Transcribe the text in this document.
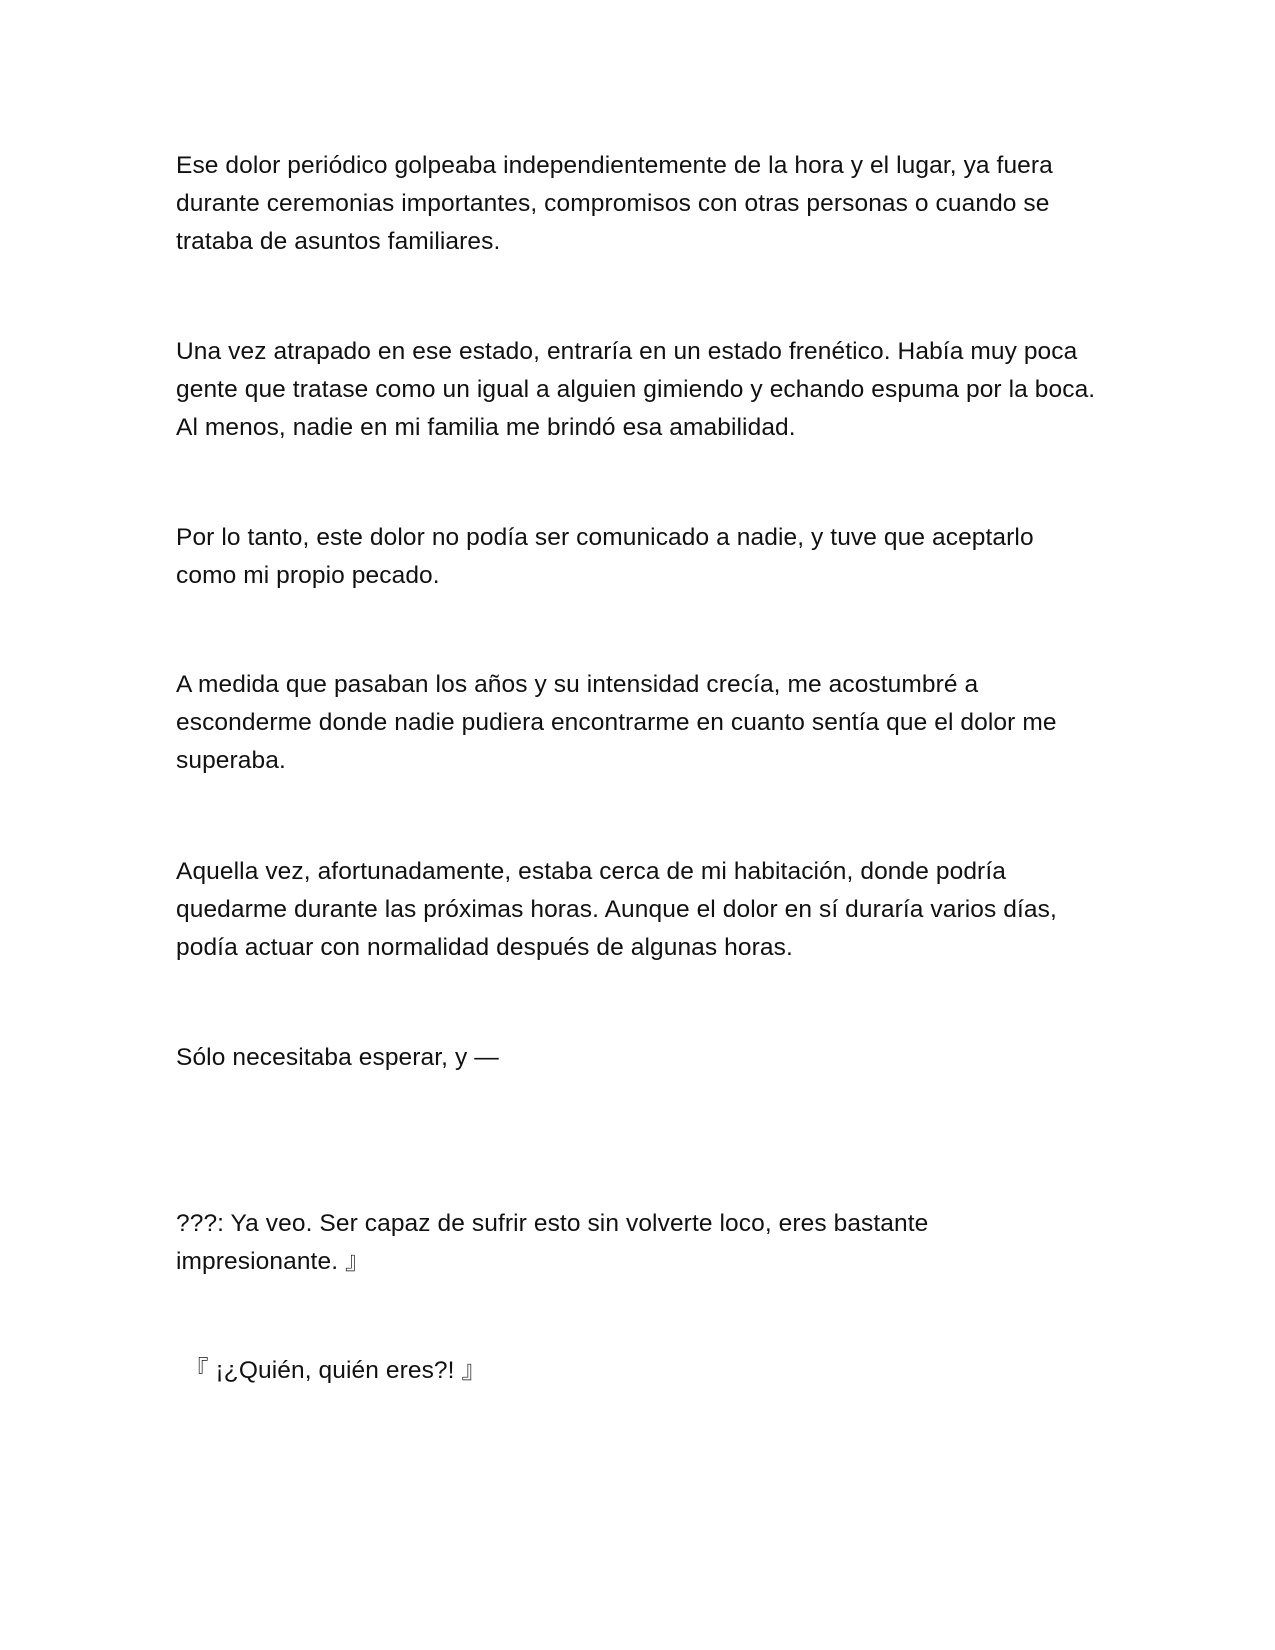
Ese dolor periódico golpeaba independientemente de la hora y el lugar, ya fuera durante ceremonias importantes, compromisos con otras personas o cuando se trataba de asuntos familiares.

Una vez atrapado en ese estado, entraría en un estado frenético. Había muy poca gente que tratase como un igual a alguien gimiendo y echando espuma por la boca. Al menos, nadie en mi familia me brindó esa amabilidad.

Por lo tanto, este dolor no podía ser comunicado a nadie, y tuve que aceptarlo como mi propio pecado.

A medida que pasaban los años y su intensidad crecía, me acostumbré a esconderme donde nadie pudiera encontrarme en cuanto sentía que el dolor me superaba.

Aquella vez, afortunadamente, estaba cerca de mi habitación, donde podría quedarme durante las próximas horas. Aunque el dolor en sí duraría varios días, podía actuar con normalidad después de algunas horas.

Sólo necesitaba esperar, y —

???: Ya veo. Ser capaz de sufrir esto sin volverte loco, eres bastante impresionante. 』

『 ¡¿Quién, quién eres?! 』
